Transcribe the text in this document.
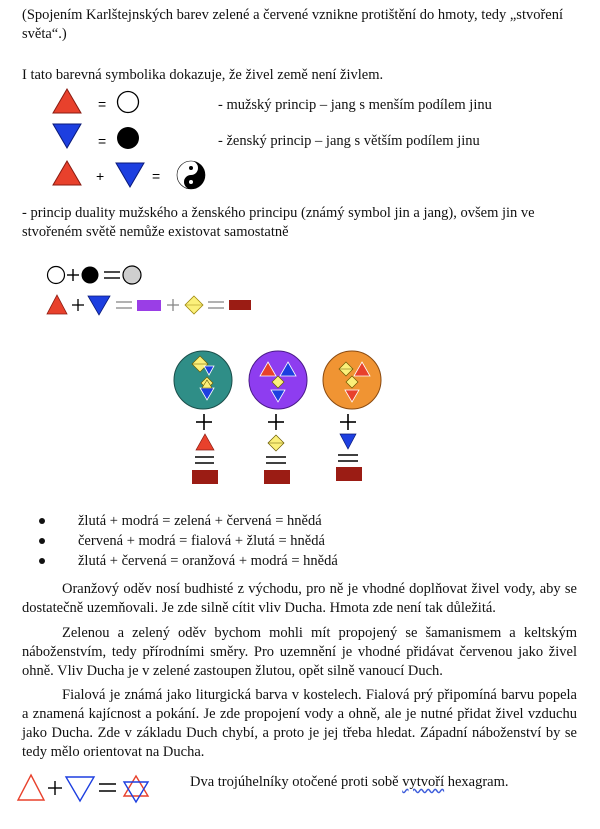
(Spojením Karlštejnských barev zelené a červené vznikne protištění do hmoty, tedy „stvoření světa“.)

I tato barevná symbolika dokazuje, že živel země není živlem.

=	- mužský princip – jang s menším podílem jinu
=	- ženský princip – jang s větším podílem jinu
+	=

- princip duality mužského a ženského principu (známý symbol jin a jang), ovšem jin ve stvořeném světě nemůže existovat samostatně

žlutá + modrá = zelená + červená = hnědá
červená + modrá = fialová + žlutá = hnědá
žlutá + červená = oranžová + modrá = hnědá

Oranžový oděv nosí budhisté z východu, pro ně je vhodné doplňovat živel vody, aby se dostatečně uzemňovali. Je zde silně cítit vliv Ducha. Hmota zde není tak důležitá.

Zelenou a zelený oděv bychom mohli mít propojený se šamanismem a keltským náboženstvím, tedy přírodními směry. Pro uzemnění je vhodné přidávat červenou jako živel ohně. Vliv Ducha je v zelené zastoupen žlutou, opět silně vanoucí Duch.

Fialová je známá jako liturgická barva v kostelech. Fialová prý připomíná barvu popela a znamená kajícnost a pokání. Je zde propojení vody a ohně, ale je nutné přidat živel vzduchu jako Ducha. Zde v základu Duch chybí, a proto je jej třeba hledat. Západní náboženství by se tedy mělo orientovat na Ducha.

Dva trojúhelníky otočené proti sobě vytvoří hexagram.
